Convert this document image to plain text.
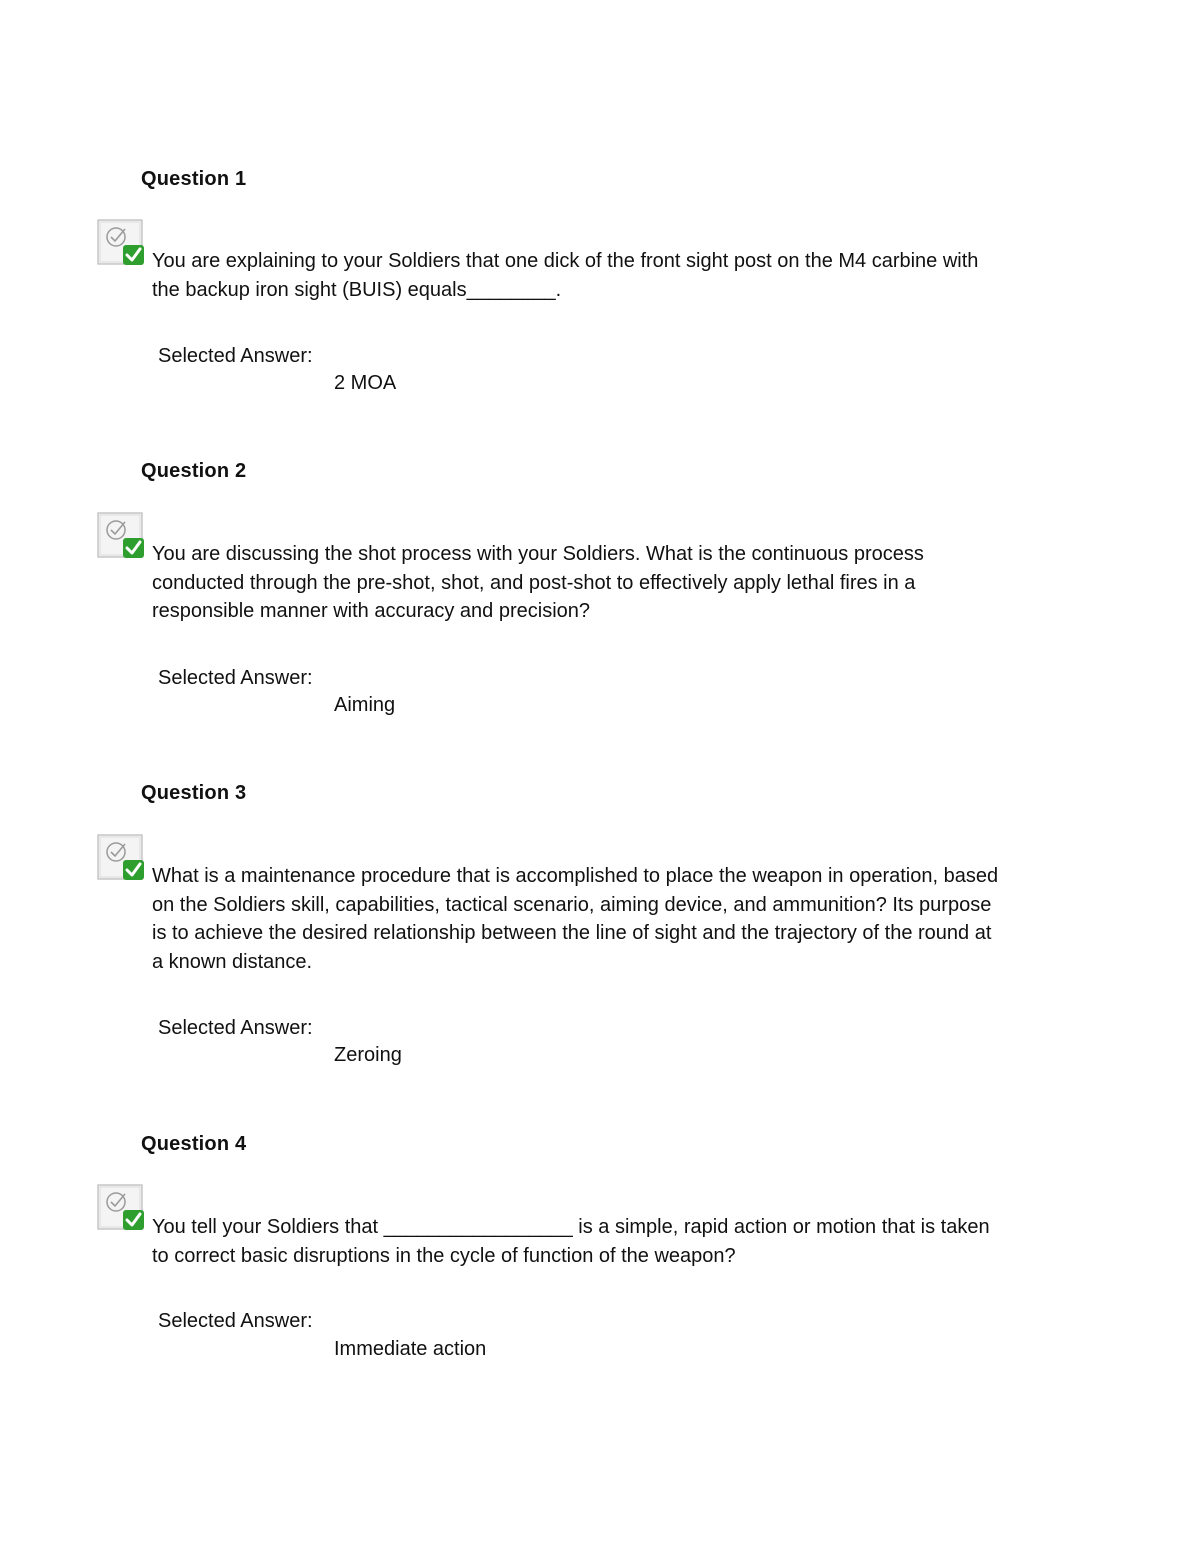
Question 1

You are explaining to your Soldiers that one dick of the front sight post on the M4 carbine with the backup iron sight (BUIS) equals________.

Selected Answer:
2 MOA
Question 2

You are discussing the shot process with your Soldiers. What is the continuous process conducted through the pre-shot, shot, and post-shot to effectively apply lethal fires in a responsible manner with accuracy and precision?

Selected Answer:
Aiming
Question 3

What is a maintenance procedure that is accomplished to place the weapon in operation, based on the Soldiers skill, capabilities, tactical scenario, aiming device, and ammunition? Its purpose is to achieve the desired relationship between the line of sight and the trajectory of the round at a known distance.

Selected Answer:
Zeroing
Question 4

You tell your Soldiers that _________________ is a simple, rapid action or motion that is taken to correct basic disruptions in the cycle of function of the weapon?

Selected Answer:
Immediate action
